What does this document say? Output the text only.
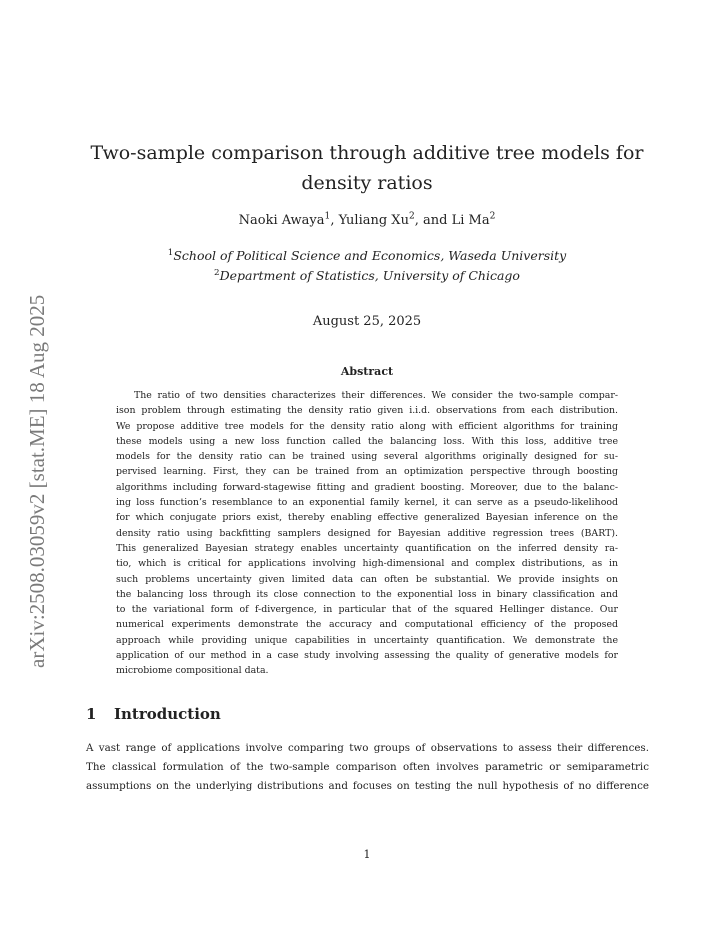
arXiv:2508.03059v2 [stat.ME] 18 Aug 2025
Two-sample comparison through additive tree models for density ratios
Naoki Awaya$^1$, Yuliang Xu$^2$, and Li Ma$^2$
$^1$School of Political Science and Economics, Waseda University
$^2$Department of Statistics, University of Chicago
August 25, 2025
Abstract
The ratio of two densities characterizes their differences. We consider the two-sample compar-
ison problem through estimating the density ratio given i.i.d. observations from each distribution.
We propose additive tree models for the density ratio along with efficient algorithms for training
these models using a new loss function called the balancing loss. With this loss, additive tree
models for the density ratio can be trained using several algorithms originally designed for su-
pervised learning. First, they can be trained from an optimization perspective through boosting
algorithms including forward-stagewise fitting and gradient boosting. Moreover, due to the balanc-
ing loss function’s resemblance to an exponential family kernel, it can serve as a pseudo-likelihood
for which conjugate priors exist, thereby enabling effective generalized Bayesian inference on the
density ratio using backfitting samplers designed for Bayesian additive regression trees (BART).
This generalized Bayesian strategy enables uncertainty quantification on the inferred density ra-
tio, which is critical for applications involving high-dimensional and complex distributions, as in
such problems uncertainty given limited data can often be substantial. We provide insights on
the balancing loss through its close connection to the exponential loss in binary classification and
to the variational form of f-divergence, in particular that of the squared Hellinger distance. Our
numerical experiments demonstrate the accuracy and computational efficiency of the proposed
approach while providing unique capabilities in uncertainty quantification. We demonstrate the
application of our method in a case study involving assessing the quality of generative models for
microbiome compositional data.
1 Introduction
A vast range of applications involve comparing two groups of observations to assess their differences.
The classical formulation of the two-sample comparison often involves parametric or semiparametric
assumptions on the underlying distributions and focuses on testing the null hypothesis of no difference
1
